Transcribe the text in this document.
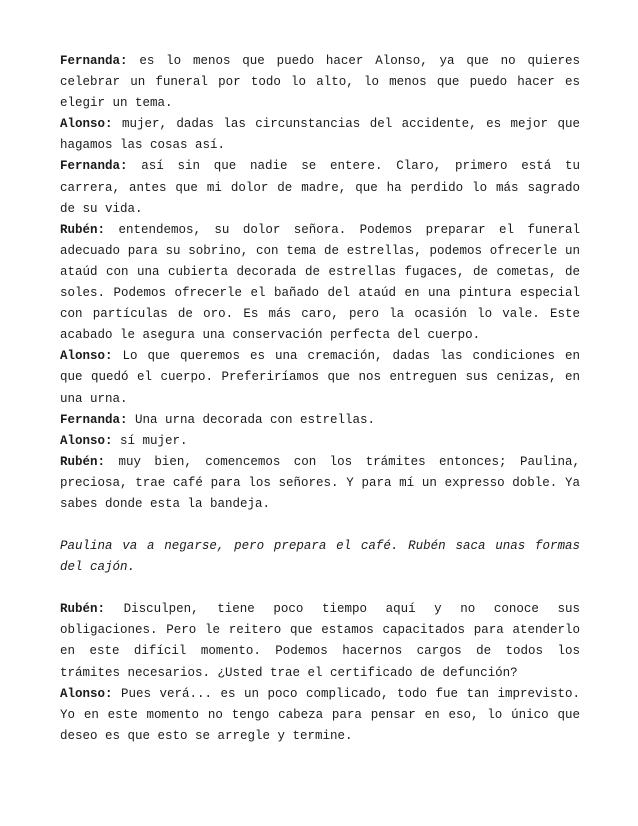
Fernanda: es lo menos que puedo hacer Alonso, ya que no quieres celebrar un funeral por todo lo alto, lo menos que puedo hacer es elegir un tema.

Alonso: mujer, dadas las circunstancias del accidente, es mejor que hagamos las cosas así.

Fernanda: así sin que nadie se entere. Claro, primero está tu carrera, antes que mi dolor de madre, que ha perdido lo más sagrado de su vida.

Rubén: entendemos, su dolor señora. Podemos preparar el funeral adecuado para su sobrino, con tema de estrellas, podemos ofrecerle un ataúd con una cubierta decorada de estrellas fugaces, de cometas, de soles. Podemos ofrecerle el bañado del ataúd en una pintura especial con partículas de oro. Es más caro, pero la ocasión lo vale. Este acabado le asegura una conservación perfecta del cuerpo.

Alonso: Lo que queremos es una cremación, dadas las condiciones en que quedó el cuerpo. Preferiríamos que nos entreguen sus cenizas, en una urna.

Fernanda: Una urna decorada con estrellas.

Alonso: sí mujer.

Rubén: muy bien, comencemos con los trámites entonces; Paulina, preciosa, trae café para los señores. Y para mí un expresso doble. Ya sabes donde esta la bandeja.

Paulina va a negarse, pero prepara el café. Rubén saca unas formas del cajón.

Rubén: Disculpen, tiene poco tiempo aquí y no conoce sus obligaciones. Pero le reitero que estamos capacitados para atenderlo en este difícil momento. Podemos hacernos cargos de todos los trámites necesarios. ¿Usted trae el certificado de defunción?

Alonso: Pues verá... es un poco complicado, todo fue tan imprevisto. Yo en este momento no tengo cabeza para pensar en eso, lo único que deseo es que esto se arregle y termine.
